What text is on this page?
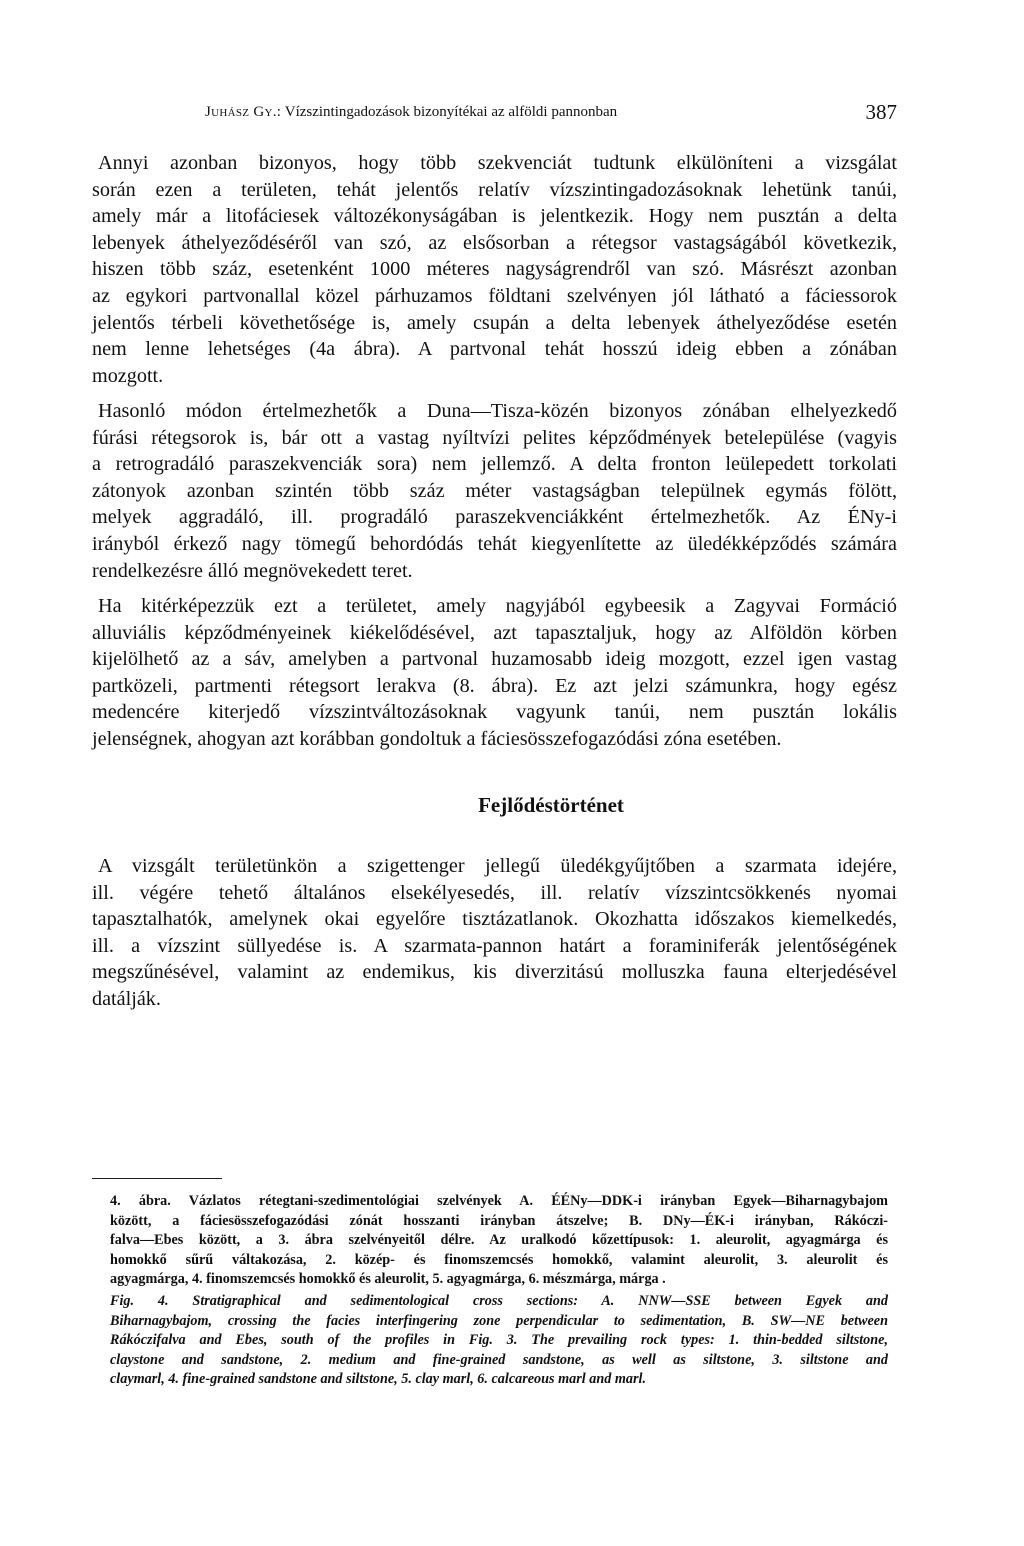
Juhász Gy.: Vízszintingadozások bizonyítékai az alföldi pannonban	387
Annyi azonban bizonyos, hogy több szekvenciát tudtunk elkülöníteni a vizsgálat
során ezen a területen, tehát jelentős relatív vízszintingadozásoknak lehetünk tanúi,
amely már a litofáciesek változékonyságában is jelentkezik. Hogy nem pusztán a delta
lebenyek áthelyeződéséről van szó, az elsősorban a rétegsor vastagságából következik,
hiszen több száz, esetenként 1000 méteres nagyságrendről van szó. Másrészt azonban
az egykori partvonallal közel párhuzamos földtani szelvényen jól látható a fáciessorok
jelentős térbeli követhetősége is, amely csupán a delta lebenyek áthelyeződése esetén
nem lenne lehetséges (4a ábra). A partvonal tehát hosszú ideig ebben a zónában
mozgott.
Hasonló módon értelmezhetők a Duna—Tisza-közén bizonyos zónában elhelyezkedő
fúrási rétegsorok is, bár ott a vastag nyíltvízi pelites képződmények betelepülése (vagyis
a retrogradáló paraszekvenciák sora) nem jellemző. A delta fronton leülepedett torkolati
zátonyok azonban szintén több száz méter vastagságban települnek egymás fölött,
melyek aggradáló, ill. progradáló paraszekvenciákként értelmezhetők. Az ÉNy-i
irányból érkező nagy tömegű behordódás tehát kiegyenlítette az üledékképződés számára
rendelkezésre álló megnövekedett teret.
Ha kitérképezzük ezt a területet, amely nagyjából egybeesik a Zagyvai Formáció
alluviális képződményeinek kiékelődésével, azt tapasztaljuk, hogy az Alföldön körben
kijelölhető az a sáv, amelyben a partvonal huzamosabb ideig mozgott, ezzel igen vastag
partközeli, partmenti rétegsort lerakva (8. ábra). Ez azt jelzi számunkra, hogy egész
medencére kiterjedő vízszintváltozásoknak vagyunk tanúi, nem pusztán lokális
jelenségnek, ahogyan azt korábban gondoltuk a fáciesösszefogazódási zóna esetében.
Fejlődéstörténet
A vizsgált területünkön a szigettenger jellegű üledékgyűjtőben a szarmata idejére,
ill. végére tehető általános elsekélyesedés, ill. relatív vízszintcsökkenés nyomai
tapasztalhatók, amelynek okai egyelőre tisztázatlanok. Okozhatta időszakos kiemelkedés,
ill. a vízszint süllyedése is. A szarmata-pannon határt a foraminiferák jelentőségének
megszűnésével, valamint az endemikus, kis diverzitású molluszka fauna elterjedésével
datálják.
4. ábra. Vázlatos rétegtani-szedimentológiai szelvények A. ÉÉNy—DDK-i irányban Egyek—Biharnagybajom
között, a fáciesösszefogazódási zónát hosszanti irányban átszelve; B. DNy—ÉK-i irányban, Rákóczi-
falva—Ebes között, a 3. ábra szelvényeitől délre. Az uralkodó kőzettípusok: 1. aleurolit, agyagmárga és
homokkő sűrű váltakozása, 2. közép- és finomszemcsés homokkő, valamint aleurolit, 3. aleurolit és
agyagmárga, 4. finomszemcsés homokkő és aleurolit, 5. agyagmárga, 6. mészmárga, márga .
Fig. 4. Stratigraphical and sedimentological cross sections: A. NNW—SSE between Egyek and
Biharnagybajom, crossing the facies interfingering zone perpendicular to sedimentation, B. SW—NE between
Rákóczifalva and Ebes, south of the profiles in Fig. 3. The prevailing rock types: 1. thin-bedded siltstone,
claystone and sandstone, 2. medium and fine-grained sandstone, as well as siltstone, 3. siltstone and
claymarl, 4. fine-grained sandstone and siltstone, 5. clay marl, 6. calcareous marl and marl.
